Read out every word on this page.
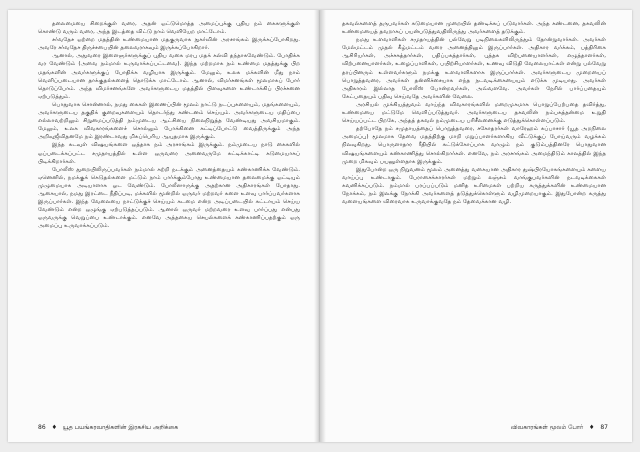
தலைமையை சிறைக்குள் வரை, அதன் ஒட்டுமொத்த அமைப்புக்கு புதிய நம் கைகளுக்குள் கொண்டு வரும் வரை, அந்த இடத்தை விட்டு நாம் வெளியேற மாட்டோம்.

சர்வதேச ஒற்றை மதத்தின் உண்மையான மதகுருவாக நுகர்வின் அரசாங்கம் இருக்கப்போகிறது. அவரே சர்வதேச திருச்சபையின் தலைவராகவும் இருக்கப்போகிறார்.

ஆனால், அதுவரை இளைஞர்களுக்குப் புதிய வகை மரபு மதக் கல்வி தந்தாகவேண்டும். போதிக்க வர வேண்டும் (அவை நம்மால் உருவாக்கப்பட்டவை). இந்த மற்றமாக நம் உண்மை மதத்துக்கு பிற மதங்களின் அவர்களுக்குப் போதிக்க வழியாக இருக்கும். மேலும், உலக மக்களின் மீது நாம் வெளிப்படையான தாக்குதல்களைத் தொடுக்க மாட்டோம். ஆனால், விமர்சனங்கள் மூலமாகப் போர் தொடுப்போம். அந்த விமர்சனங்களே அவர்களுடைய மதத்தில் பிளவுகளை உண்டாக்கிப் பிரச்சனை ஏற்படுத்தும்.

பொதுவாக சொன்னால், நமது கைகள் இணைப்பின் மூலம் நாட்டு நடப்புகளையும், மதங்களையும், அவர்களுடைய தகுதிக் குறைவுகளையும் தொடர்ந்து கண்டனம் செய்யும். அவர்களுடைய மதிப்பை எல்லாவற்றிலும் சிறுமைப்படுத்தி நம்முடைய ஆட்சியை நிலைநிறுத்த வேண்டியது அவசியமாகும். மேலும், உலக விவகாரங்களைச் சொல்லும் போக்கினை கட்டிப்போட்டு வைத்திருக்கும் அந்த அறிவுஜீவிதனமே நம் இரண்டாவது மிகப்பெரிய ஆயுதமாக இருக்கும்.

இந்த கடவுள் விஷயங்களை ஒத்தாக நம் அரசாங்கம் இருக்கும். நம்முடைய நாடு கைகளில் ஒப்படைக்கப்பட்ட சமுதாயத்தில் உள்ள ஒருவரை அனைவருமே சுட்டிக்காட்டி கடுமையாகப் பிடிக்கிறார்கள்.

போலீஸ் துறையிலிருப்பவர்கள் நம்மால் சுற்றி நடக்கும் அனைத்தையும் கண்காணிக்க வேண்டும். ஏனெனில், நமக்குக் கெடுதல்களை மட்டும் நாம் பார்க்கும்போது உண்மையான தலைமைக்கு ஒட்டியும் முழுமையாக அடியாளாக ஓட வேண்டும். போலீஸாருக்கு அதற்கான அதிகாரங்கள் போதாது. ஆகையால், நமது இரட்டை நீதிப்படி, மக்களில் மூன்றில் ஒருவர் மற்றவர் களை உளவு பார்ப்பவர்களாக இருப்பார்கள். இந்த வேலையை நாட்டுக்குச் செய்யும் கடமை என்ற அடிப்படையில் கட்டாயம் செய்ய வேண்டும் என்ற ஒழுங்கு ஏற்படுத்தப்படும். ஆனால் ஒருவர் மற்றவரை உளவு பார்ப்பது என்பது ஒருவருக்கு வெறுப்பை உண்டாக்கும். எனவே அத்தகைய செயல்களைக் கண்காணிப்பதற்கும் ஒரு அமைப்பு உருவாக்கப்படும்.

86 ♦ யூத பயங்கரவாதிகளின் இரகசிய அறிக்கை

தகவல்களைத் தருபவர்கள் கடுமையான முறையில் தண்டிக்கப் படுவார்கள். அந்த கண்டனை, தகவலின் உண்மையைத் தவறாகப் பயன்படுத்துவதிலிருந்து அவர்களைத் தடுக்கும்.

நமது உளவாளிகள் சமுதாயத்தின் பல்வேறு படிநிலைகளிலிருந்தும் தோன்றுவார்கள். அவர்கள் மேல்மட்டம் முதல் கீழ்மட்டம் வரை அனைத்திலும் இருப்பார்கள். அதிகார வர்க்கம், பத்திரிகை ஆசிரியர்கள், அச்சகத்தார்கள், பதிப்பகத்தார்கள், புத்தக விற்பனையாளர்கள், எழுத்தாளர்கள், விற்பனையாளர்கள், உழைப்பாளிகள், பயிற்சியாளர்கள், உணவு விடுதி வேலையாட்கள் என்று பல்வேறு தரப்பினரும் உள்ளவர்களும் நமக்கு உளவாளிகளாக இருப்பார்கள். அவர்களுடைய முறையைப் பொறுத்தவரை, அவர்கள் தன்னிச்சையாக எந்த நடவடிக்கையையும் எடுக்க முடியாது. அவர்கள் அதிகாரம் இல்லாத போலீஸ் போன்றவர்கள், அவ்வளவே. அவர்கள் நேரில் பார்ப்பதையும் கேட்பதையும் பதிவு செய்வதே அவர்களின் வேலை.

அரசியல் முக்கியத்துவம் வாய்ந்த விவகாரங்களில் மறைமுகமாக பொறுப்பேற்பதை தவிர்த்து, உண்மையை மட்டுமே வெளிப்படுத்துவர். அவர்களுடைய தகவலின் நம்பகத்தன்மை உறுதி செய்யப்பட்ட பிறகே, அந்தத் தகவல் நம்முடைய பரிசீலனைக்கு எடுத்துக்கொள்ளப்படும்.

தற்போதே நம் சமுதாயத்தைப் பொறுத்தவரை, சகோதரர்கள் வாரேஹம் கப்பாசார் (யூத அறநிலை அமைப்பு) மூலமாக தேவை மதத்திற்கு மாறி மறுப்பாளர்களாகிய வீட்டுக்குப் போய்வரும் வழக்கம் நிலவுகிறது. பொருளாதார ரீதியில் கட்டுக்கோப்பாக வாழும் நம் குடும்பத்தினரே பொதுவான விஷயங்களையும் கண்காணித்து சொல்கிறார்கள். எனவே, நம் அரசாங்கம் அமைந்திடும் காலத்தில் இந்த முறை மிகவும் பயனுள்ளதாக இருக்கும்.

இதுபோன்ற ஒரு நிறுவனம் மூலம் அனைத்து வகையான அதிகார துஷ்பிரயோகங்களையும் களைய வாய்ப்பு உண்டாகும். பேராசைக்காரர்கள் மற்றும் லஞ்சம் வாங்குபவர்களின் நடவடிக்கைகள் கவனிக்கப்படும். நம்மால் பரப்பப்படும் மனித உரிமைகள் பற்றிய கருத்துக்களின் உண்மையான நோக்கம், நம் இலக்கு நோக்கி அவர்களைத் தடுத்துக்கொள்ளும் வழிமுறையாகும். இதுபோன்ற கருத்து வளையங்களை விரைவாக உருவாக்குவதே நம் தேவைக்கான வழி.

விவகாரங்கள் மூலம் போர் ♦ 87
